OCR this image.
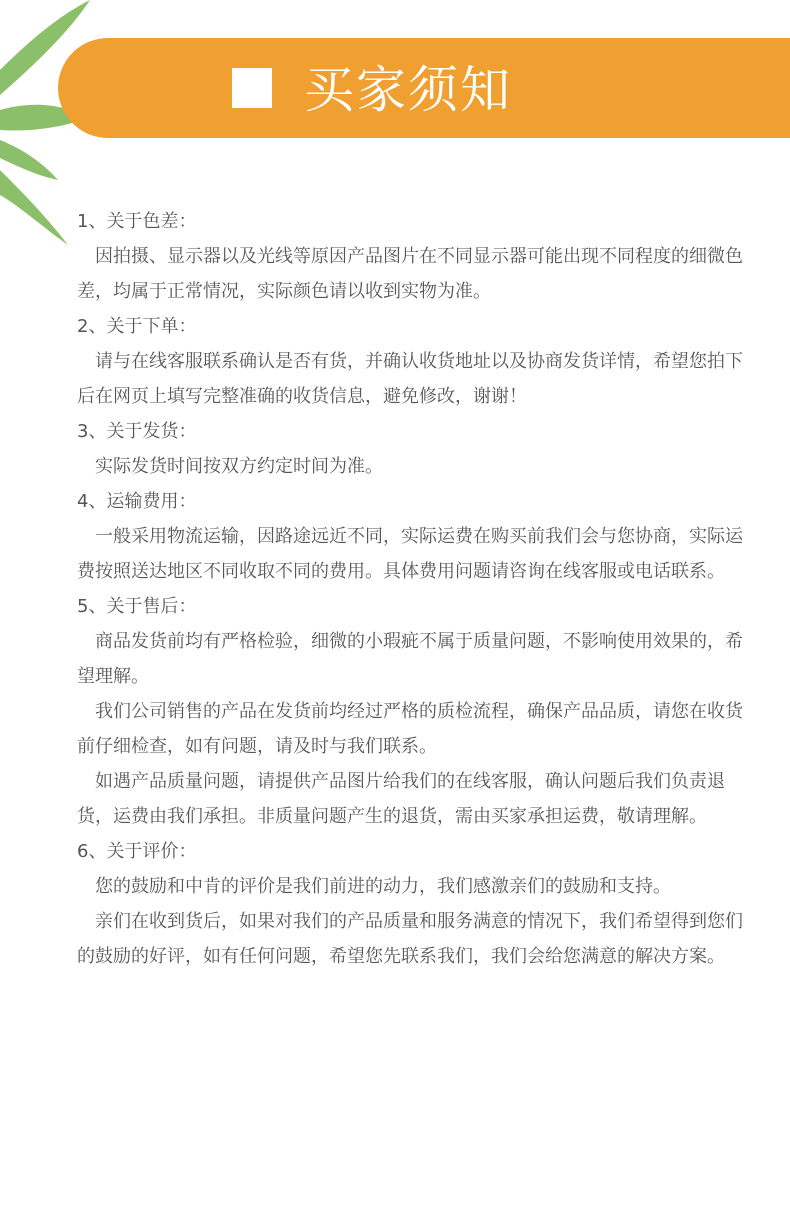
买家须知

1、关于色差：

因拍摄、显示器以及光线等原因产品图片在不同显示器可能出现不同程度的细微色差，均属于正常情况，实际颜色请以收到实物为准。

2、关于下单：

请与在线客服联系确认是否有货，并确认收货地址以及协商发货详情，希望您拍下后在网页上填写完整准确的收货信息，避免修改，谢谢！

3、关于发货：

实际发货时间按双方约定时间为准。

4、运输费用：

一般采用物流运输，因路途远近不同，实际运费在购买前我们会与您协商，实际运费按照送达地区不同收取不同的费用。具体费用问题请咨询在线客服或电话联系。

5、关于售后：

商品发货前均有严格检验，细微的小瑕疵不属于质量问题，不影响使用效果的，希望理解。

我们公司销售的产品在发货前均经过严格的质检流程，确保产品品质，请您在收货前仔细检查，如有问题，请及时与我们联系。

如遇产品质量问题，请提供产品图片给我们的在线客服，确认问题后我们负责退货，运费由我们承担。非质量问题产生的退货，需由买家承担运费，敬请理解。

6、关于评价：

您的鼓励和中肯的评价是我们前进的动力，我们感激亲们的鼓励和支持。

亲们在收到货后，如果对我们的产品质量和服务满意的情况下，我们希望得到您们的鼓励的好评，如有任何问题，希望您先联系我们，我们会给您满意的解决方案。
